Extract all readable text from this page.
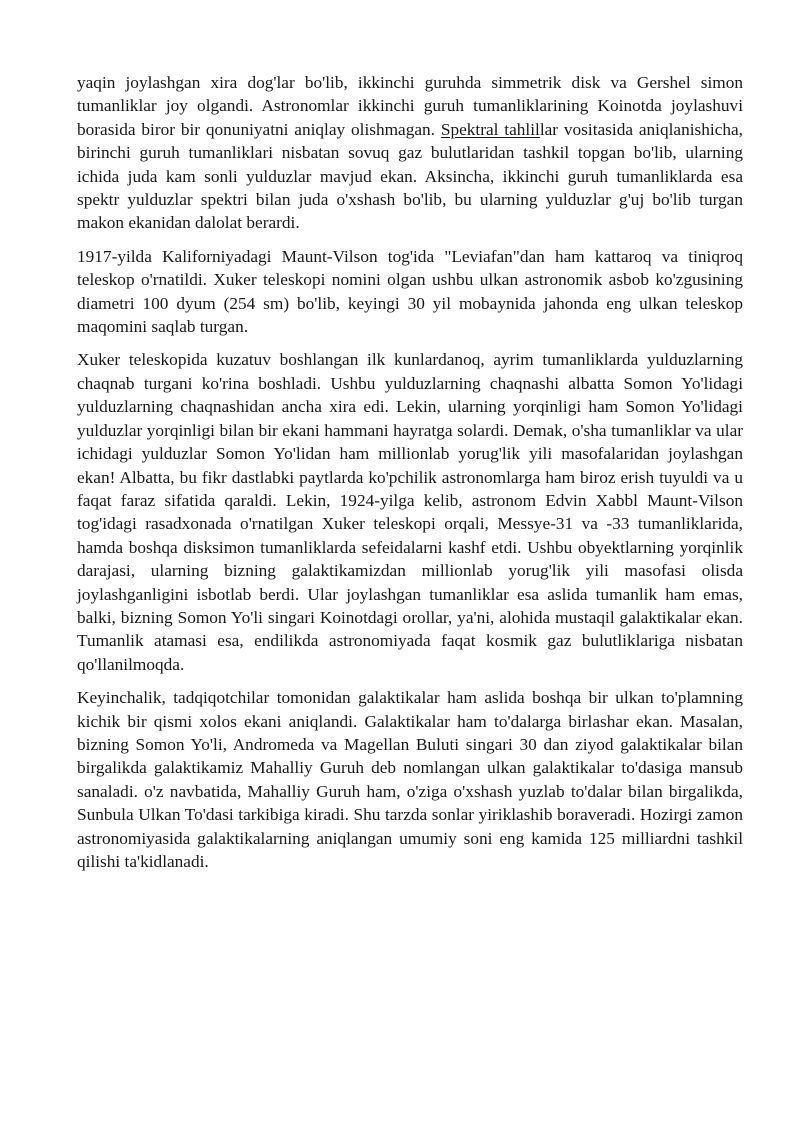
yaqin joylashgan xira dog'lar bo'lib, ikkinchi guruhda simmetrik disk va Gershel simon tumanliklar joy olgandi. Astronomlar ikkinchi guruh tumanliklarining Koinotda joylashuvi borasida biror bir qonuniyatni aniqlay olishmagan. Spektral tahlillar vositasida aniqlanishicha, birinchi guruh tumanliklari nisbatan sovuq gaz bulutlaridan tashkil topgan bo'lib, ularning ichida juda kam sonli yulduzlar mavjud ekan. Aksincha, ikkinchi guruh tumanliklarda esa spektr yulduzlar spektri bilan juda o'xshash bo'lib, bu ularning yulduzlar g'uj bo'lib turgan makon ekanidan dalolat berardi.

1917-yilda Kaliforniyadagi Maunt-Vilson tog'ida "Leviafan"dan ham kattaroq va tiniqroq teleskop o'rnatildi. Xuker teleskopi nomini olgan ushbu ulkan astronomik asbob ko'zgusining diametri 100 dyum (254 sm) bo'lib, keyingi 30 yil mobaynida jahonda eng ulkan teleskop maqomini saqlab turgan.

Xuker teleskopida kuzatuv boshlangan ilk kunlardanoq, ayrim tumanliklarda yulduzlarning chaqnab turgani ko'rina boshladi. Ushbu yulduzlarning chaqnashi albatta Somon Yo'lidagi yulduzlarning chaqnashidan ancha xira edi. Lekin, ularning yorqinligi ham Somon Yo'lidagi yulduzlar yorqinligi bilan bir ekani hammani hayratga solardi. Demak, o'sha tumanliklar va ular ichidagi yulduzlar Somon Yo'lidan ham millionlab yorug'lik yili masofalaridan joylashgan ekan! Albatta, bu fikr dastlabki paytlarda ko'pchilik astronomlarga ham biroz erish tuyuldi va u faqat faraz sifatida qaraldi. Lekin, 1924-yilga kelib, astronom Edvin Xabbl Maunt-Vilson tog'idagi rasadxonada o'rnatilgan Xuker teleskopi orqali, Messye-31 va -33 tumanliklarida, hamda boshqa disksimon tumanliklarda sefeidalarni kashf etdi. Ushbu obyektlarning yorqinlik darajasi, ularning bizning galaktikamizdan millionlab yorug'lik yili masofasi olisda joylashganligini isbotlab berdi. Ular joylashgan tumanliklar esa aslida tumanlik ham emas, balki, bizning Somon Yo'li singari Koinotdagi orollar, ya'ni, alohida mustaqil galaktikalar ekan. Tumanlik atamasi esa, endilikda astronomiyada faqat kosmik gaz bulutliklariga nisbatan qo'llanilmoqda.

Keyinchalik, tadqiqotchilar tomonidan galaktikalar ham aslida boshqa bir ulkan to'plamning kichik bir qismi xolos ekani aniqlandi. Galaktikalar ham to'dalarga birlashar ekan. Masalan, bizning Somon Yo'li, Andromeda va Magellan Buluti singari 30 dan ziyod galaktikalar bilan birgalikda galaktikamiz Mahalliy Guruh deb nomlangan ulkan galaktikalar to'dasiga mansub sanaladi. o'z navbatida, Mahalliy Guruh ham, o'ziga o'xshash yuzlab to'dalar bilan birgalikda, Sunbula Ulkan To'dasi tarkibiga kiradi. Shu tarzda sonlar yiriklashib boraveradi. Hozirgi zamon astronomiyasida galaktikalarning aniqlangan umumiy soni eng kamida 125 milliardni tashkil qilishi ta'kidlanadi.
